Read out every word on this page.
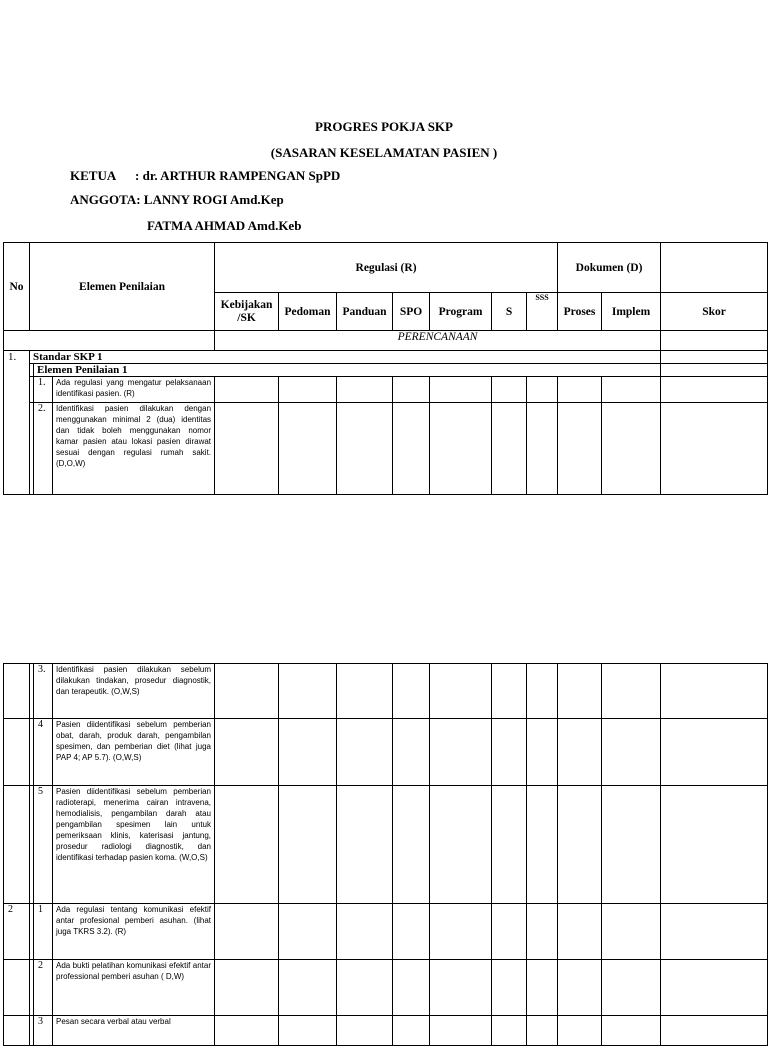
PROGRES POKJA SKP
(SASARAN KESELAMATAN PASIEN )
KETUA      : dr. ARTHUR RAMPENGAN SpPD
ANGGOTA: LANNY ROGI Amd.Kep
FATMA AHMAD Amd.Keb
No	Elemen Penilaian			Regulasi (R)							Dokumen (D)		
				Kebijakan /SK	Pedoman	Panduan	SPO	Program	S	SSS	Proses	Implem	Skor
				PERENCANAAN									
1.	Standar SKP 1												
		Elemen Penilaian 1											
		1.	Ada regulasi yang mengatur pelaksanaan identifikasi pasien. (R)										
		2.	Identifikasi pasien dilakukan dengan menggunakan minimal 2 (dua) identitas dan tidak boleh menggunakan nomor kamar pasien atau lokasi pasien dirawat sesuai dengan regulasi rumah sakit. (D,O,W)										
		3.	Identifikasi pasien dilakukan sebelum dilakukan tindakan, prosedur diagnostik, dan terapeutik. (O,W,S)										
		4	Pasien diidentifikasi sebelum pemberian obat, darah, produk darah, pengambilan spesimen, dan pemberian diet (lihat juga PAP 4; AP 5.7). (O,W,S)										
		5	Pasien diidentifikasi sebelum pemberian radioterapi, menerima cairan intravena, hemodialisis, pengambilan darah atau pengambilan spesimen lain untuk pemeriksaan klinis, katerisasi jantung, prosedur radiologi diagnostik, dan identifikasi terhadap pasien koma. (W,O,S)										
2		1	Ada regulasi tentang komunikasi efektif antar profesional pemberi asuhan. (lihat juga TKRS 3.2). (R)										
		2	Ada bukti pelatihan komunikasi efektif antar professional pemberi asuhan ( D,W)										
		3	Pesan secara verbal atau verbal										
